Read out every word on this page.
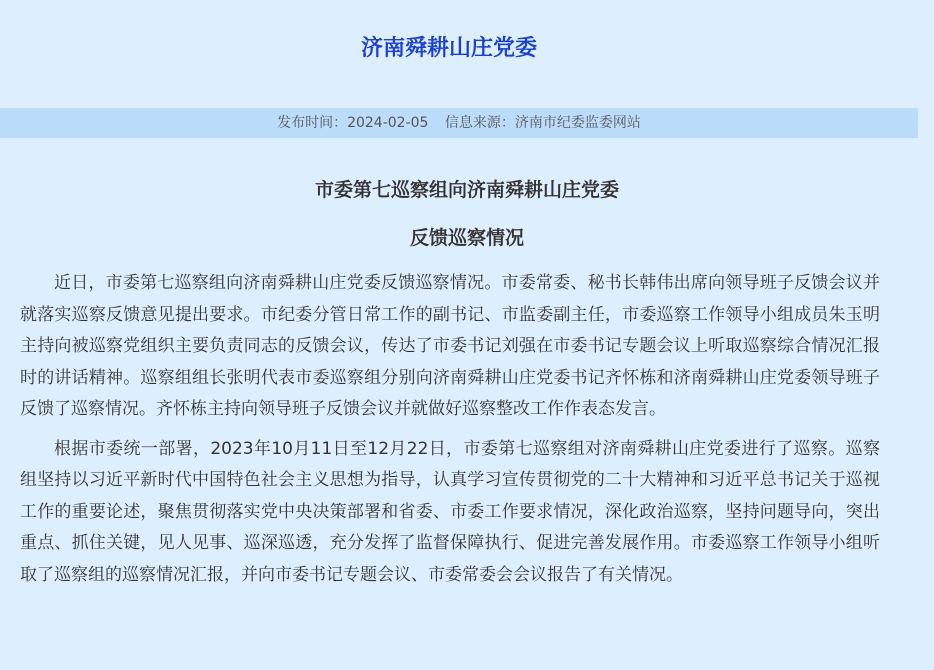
济南舜耕山庄党委
发布时间：2024-02-05 信息来源：济南市纪委监委网站
市委第七巡察组向济南舜耕山庄党委
反馈巡察情况

近日，市委第七巡察组向济南舜耕山庄党委反馈巡察情况。市委常委、秘书长韩伟出席向领导班子反馈会议并就落实巡察反馈意见提出要求。市纪委分管日常工作的副书记、市监委副主任，市委巡察工作领导小组成员朱玉明主持向被巡察党组织主要负责同志的反馈会议，传达了市委书记刘强在市委书记专题会议上听取巡察综合情况汇报时的讲话精神。巡察组组长张明代表市委巡察组分别向济南舜耕山庄党委书记齐怀栋和济南舜耕山庄党委领导班子反馈了巡察情况。齐怀栋主持向领导班子反馈会议并就做好巡察整改工作作表态发言。

根据市委统一部署，2023年10月11日至12月22日，市委第七巡察组对济南舜耕山庄党委进行了巡察。巡察组坚持以习近平新时代中国特色社会主义思想为指导，认真学习宣传贯彻党的二十大精神和习近平总书记关于巡视工作的重要论述，聚焦贯彻落实党中央决策部署和省委、市委工作要求情况，深化政治巡察，坚持问题导向，突出重点、抓住关键，见人见事、巡深巡透，充分发挥了监督保障执行、促进完善发展作用。市委巡察工作领导小组听取了巡察组的巡察情况汇报，并向市委书记专题会议、市委常委会会议报告了有关情况。
